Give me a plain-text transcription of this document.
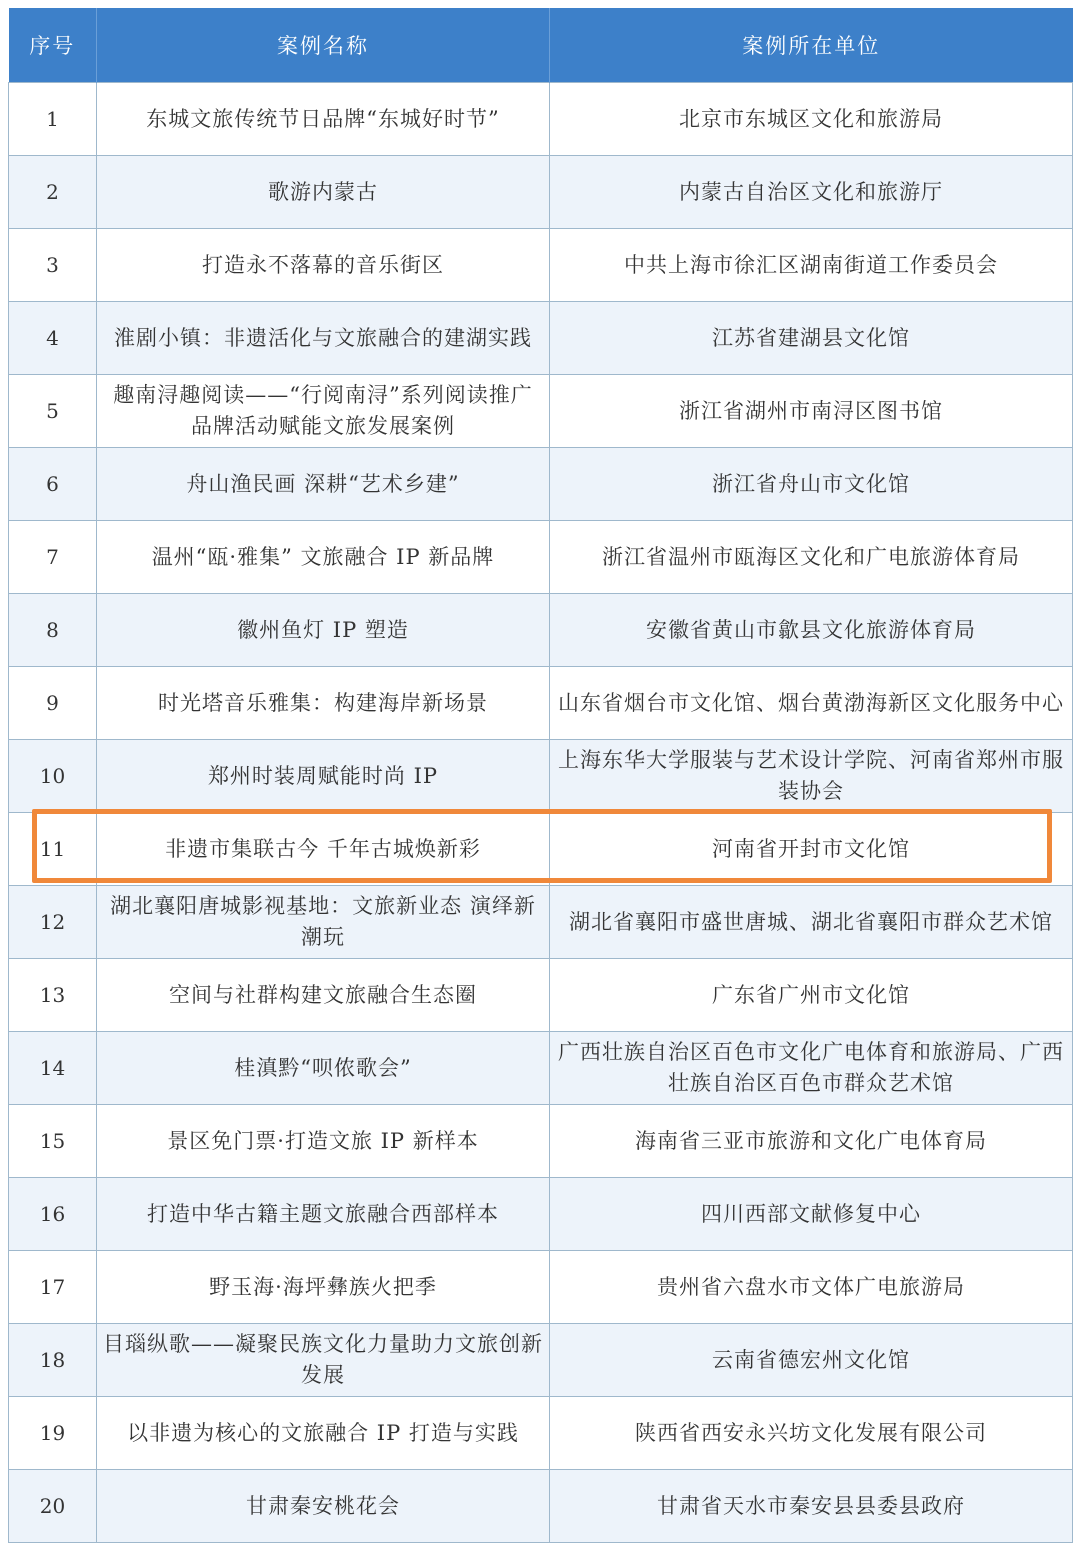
序号	案例名称	案例所在单位
1	东城文旅传统节日品牌“东城好时节”	北京市东城区文化和旅游局
2	歌游内蒙古	内蒙古自治区文化和旅游厅
3	打造永不落幕的音乐街区	中共上海市徐汇区湖南街道工作委员会
4	淮剧小镇：非遗活化与文旅融合的建湖实践	江苏省建湖县文化馆
5	趣南浔趣阅读——“行阅南浔”系列阅读推广品牌活动赋能文旅发展案例	浙江省湖州市南浔区图书馆
6	舟山渔民画 深耕“艺术乡建”	浙江省舟山市文化馆
7	温州“瓯·雅集” 文旅融合 IP 新品牌	浙江省温州市瓯海区文化和广电旅游体育局
8	徽州鱼灯 IP 塑造	安徽省黄山市歙县文化旅游体育局
9	时光塔音乐雅集：构建海岸新场景	山东省烟台市文化馆、烟台黄渤海新区文化服务中心
10	郑州时装周赋能时尚 IP	上海东华大学服装与艺术设计学院、河南省郑州市服装协会
11	非遗市集联古今 千年古城焕新彩	河南省开封市文化馆
12	湖北襄阳唐城影视基地：文旅新业态 演绎新潮玩	湖北省襄阳市盛世唐城、湖北省襄阳市群众艺术馆
13	空间与社群构建文旅融合生态圈	广东省广州市文化馆
14	桂滇黔“呗侬歌会”	广西壮族自治区百色市文化广电体育和旅游局、广西壮族自治区百色市群众艺术馆
15	景区免门票·打造文旅 IP 新样本	海南省三亚市旅游和文化广电体育局
16	打造中华古籍主题文旅融合西部样本	四川西部文献修复中心
17	野玉海·海坪彝族火把季	贵州省六盘水市文体广电旅游局
18	目瑙纵歌——凝聚民族文化力量助力文旅创新发展	云南省德宏州文化馆
19	以非遗为核心的文旅融合 IP 打造与实践	陕西省西安永兴坊文化发展有限公司
20	甘肃秦安桃花会	甘肃省天水市秦安县县委县政府
